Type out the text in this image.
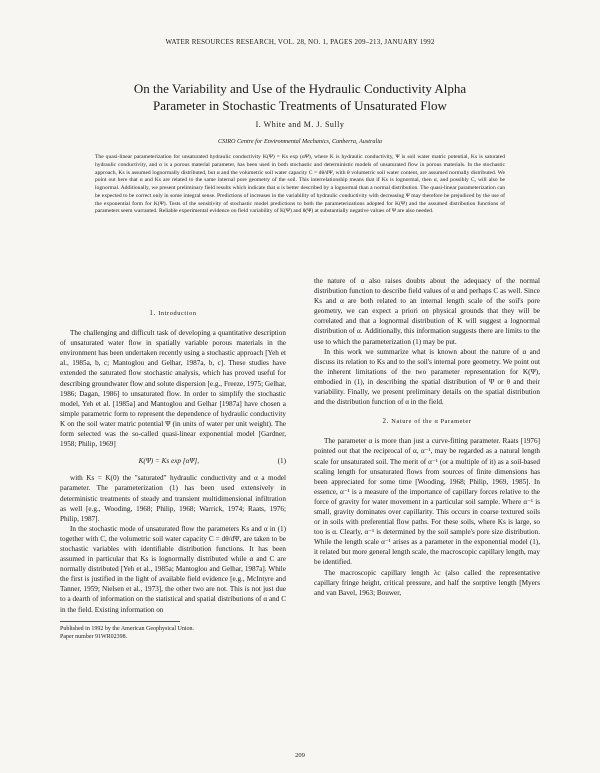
WATER RESOURCES RESEARCH, VOL. 28, NO. 1, PAGES 209–213, JANUARY 1992
On the Variability and Use of the Hydraulic Conductivity Alpha
Parameter in Stochastic Treatments of Unsaturated Flow
I. White and M. J. Sully
CSIRO Centre for Environmental Mechanics, Canberra, Australia
The quasi-linear parameterization for unsaturated hydraulic conductivity K(Ψ) = Ks exp (αΨ), where K is hydraulic conductivity, Ψ is soil water matric potential, Ks is saturated hydraulic conductivity, and α is a porous material parameter, has been used in both stochastic and deterministic models of unsaturated flow in porous materials. In the stochastic approach, Ks is assumed lognormally distributed, but α and the volumetric soil water capacity C = dθ/dΨ, with θ volumetric soil water content, are assumed normally distributed. We point out here that α and Ks are related to the same internal pore geometry of the soil. This interrelationship means that if Ks is lognormal, then α, and possibly C, will also be lognormal. Additionally, we present preliminary field results which indicate that α is better described by a lognormal than a normal distribution. The quasi-linear parameterization can be expected to be correct only in some integral sense. Predictions of increases in the variability of hydraulic conductivity with decreasing Ψ may therefore be prejudiced by the use of the exponential form for K(Ψ). Tests of the sensitivity of stochastic model predictions to both the parameterizations adopted for K(Ψ) and the assumed distribution functions of parameters seem warranted. Reliable experimental evidence on field variability of K(Ψ) and θ(Ψ) at substantially negative values of Ψ are also needed.
1. Introduction

The challenging and difficult task of developing a quantitative description of unsaturated water flow in spatially variable porous materials in the environment has been undertaken recently using a stochastic approach [Yeh et al., 1985a, b, c; Mantoglou and Gelhar, 1987a, b, c]. These studies have extended the saturated flow stochastic analysis, which has proved useful for describing groundwater flow and solute dispersion [e.g., Freeze, 1975; Gelhar, 1986; Dagan, 1986] to unsaturated flow. In order to simplify the stochastic model, Yeh et al. [1985a] and Mantoglou and Gelhar [1987a] have chosen a simple parametric form to represent the dependence of hydraulic conductivity K on the soil water matric potential Ψ (in units of water per unit weight). The form selected was the so-called quasi-linear exponential model [Gardner, 1958; Philip, 1969]

K(Ψ) = Ks exp [αΨ],	(1)

with Ks = K(0) the "saturated" hydraulic conductivity and α a model parameter. The parameterization (1) has been used extensively in deterministic treatments of steady and transient multidimensional infiltration as well [e.g., Wooding, 1968; Philip, 1968; Warrick, 1974; Raats, 1976; Philip, 1987].

In the stochastic mode of unsaturated flow the parameters Ks and α in (1) together with C, the volumetric soil water capacity C = dθ/dΨ, are taken to be stochastic variables with identifiable distribution functions. It has been assumed in particular that Ks is lognormally distributed while α and C are normally distributed [Yeh et al., 1985a; Mantoglou and Gelhar, 1987a]. While the first is justified in the light of available field evidence [e.g., McIntyre and Tanner, 1959; Nielsen et al., 1973], the other two are not. This is not just due to a dearth of information on the statistical and spatial distributions of α and C in the field. Existing information on

Published in 1992 by the American Geophysical Union.
Paper number 91WR02398.

the nature of α also raises doubts about the adequacy of the normal distribution function to describe field values of α and perhaps C as well. Since Ks and α are both related to an internal length scale of the soil's pore geometry, we can expect a priori on physical grounds that they will be correlated and that a lognormal distribution of K will suggest a lognormal distribution of α. Additionally, this information suggests there are limits to the use to which the parameterization (1) may be put.

In this work we summarize what is known about the nature of α and discuss its relation to Ks and to the soil's internal pore geometry. We point out the inherent limitations of the two parameter representation for K(Ψ), embodied in (1), in describing the spatial distribution of Ψ or θ and their variability. Finally, we present preliminary details on the spatial distribution and the distribution function of α in the field.

2. Nature of the α Parameter

The parameter α is more than just a curve-fitting parameter. Raats [1976] pointed out that the reciprocal of α, α⁻¹, may be regarded as a natural length scale for unsaturated soil. The merit of α⁻¹ (or a multiple of it) as a soil-based scaling length for unsaturated flows from sources of finite dimensions has been appreciated for some time [Wooding, 1968; Philip, 1969, 1985]. In essence, α⁻¹ is a measure of the importance of capillary forces relative to the force of gravity for water movement in a particular soil sample. Where α⁻¹ is small, gravity dominates over capillarity. This occurs in coarse textured soils or in soils with preferential flow paths. For these soils, where Ks is large, so too is α. Clearly, α⁻¹ is determined by the soil sample's pore size distribution. While the length scale α⁻¹ arises as a parameter in the exponential model (1), it related but more general length scale, the macroscopic capillary length, may be identified.

The macroscopic capillary length λc (also called the representative capillary fringe height, critical pressure, and half the sorptive length [Myers and van Bavel, 1963; Bouwer,

209
